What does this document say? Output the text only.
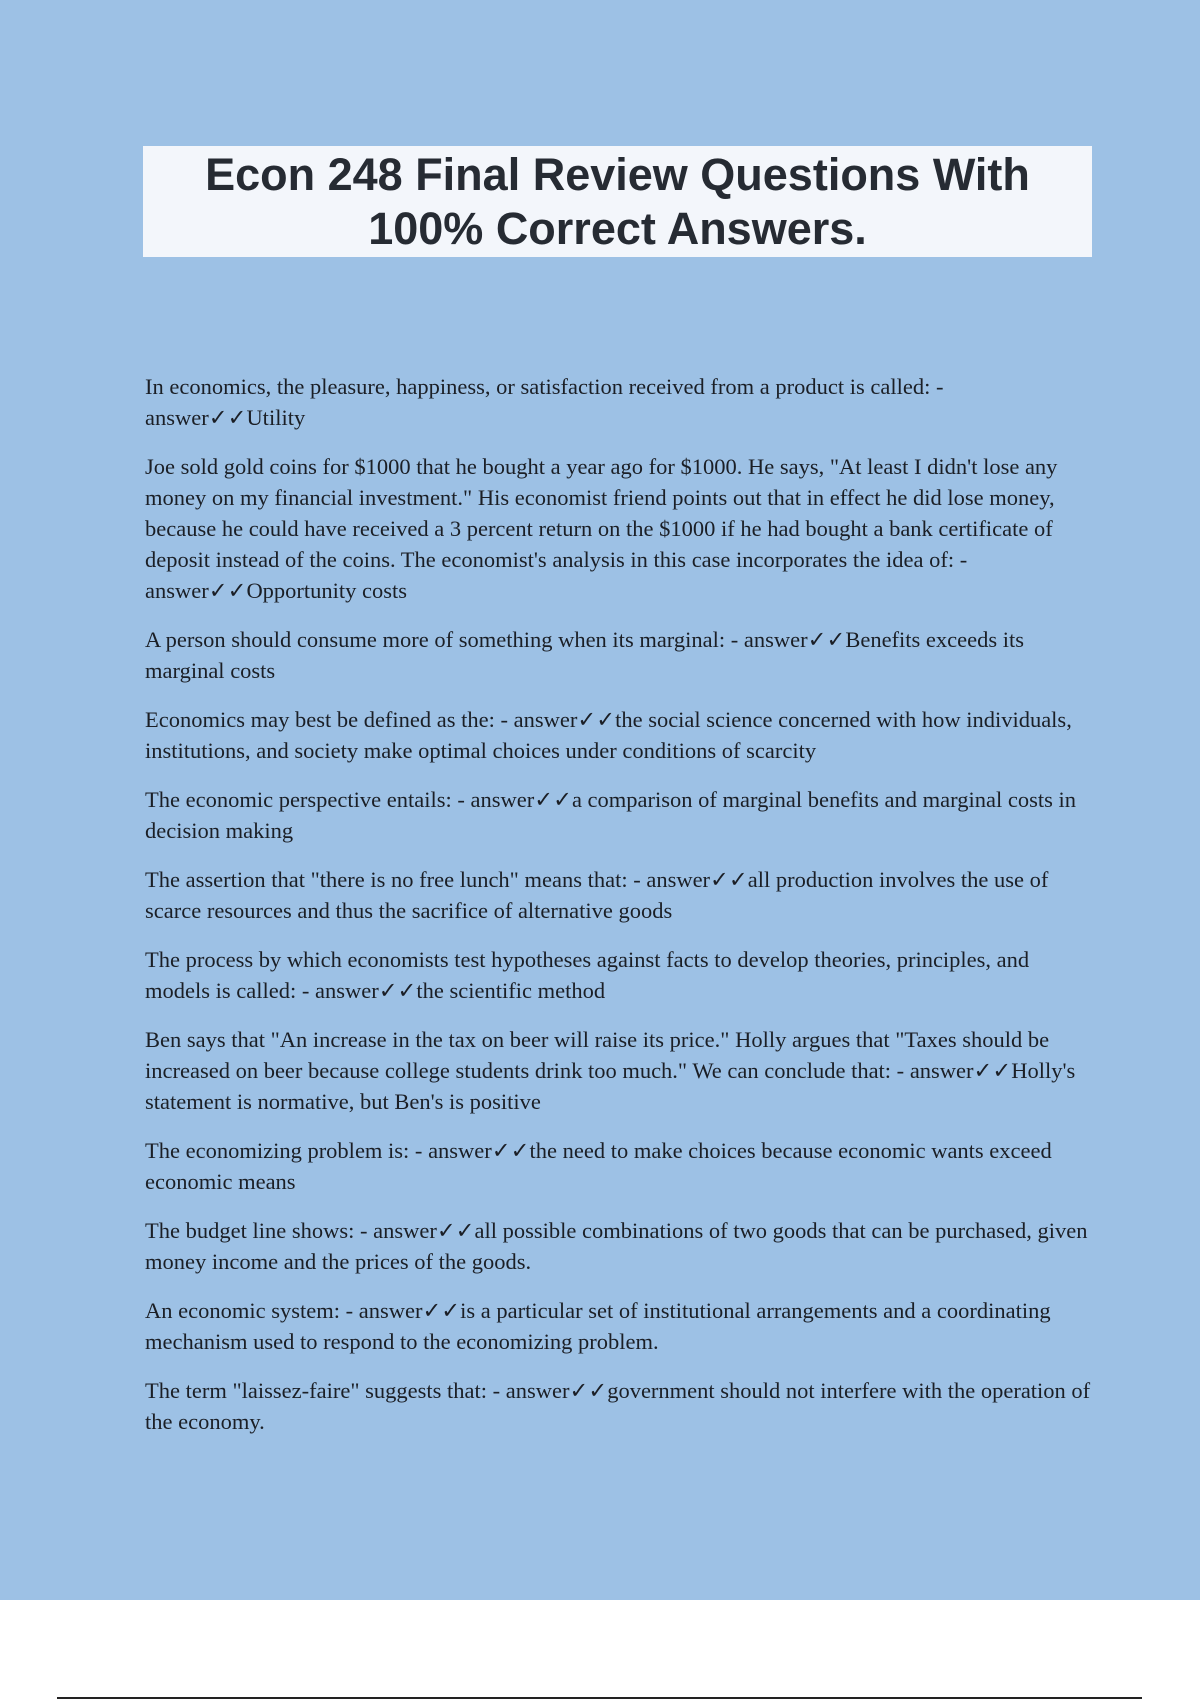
Econ 248 Final Review Questions With 100% Correct Answers.
In economics, the pleasure, happiness, or satisfaction received from a product is called: - answer✓✓Utility
Joe sold gold coins for $1000 that he bought a year ago for $1000. He says, "At least I didn't lose any money on my financial investment." His economist friend points out that in effect he did lose money, because he could have received a 3 percent return on the $1000 if he had bought a bank certificate of deposit instead of the coins. The economist's analysis in this case incorporates the idea of: - answer✓✓Opportunity costs
A person should consume more of something when its marginal: - answer✓✓Benefits exceeds its marginal costs
Economics may best be defined as the: - answer✓✓the social science concerned with how individuals, institutions, and society make optimal choices under conditions of scarcity
The economic perspective entails: - answer✓✓a comparison of marginal benefits and marginal costs in decision making
The assertion that "there is no free lunch" means that: - answer✓✓all production involves the use of scarce resources and thus the sacrifice of alternative goods
The process by which economists test hypotheses against facts to develop theories, principles, and models is called: - answer✓✓the scientific method
Ben says that "An increase in the tax on beer will raise its price." Holly argues that "Taxes should be increased on beer because college students drink too much." We can conclude that: - answer✓✓Holly's statement is normative, but Ben's is positive
The economizing problem is: - answer✓✓the need to make choices because economic wants exceed economic means
The budget line shows: - answer✓✓all possible combinations of two goods that can be purchased, given money income and the prices of the goods.
An economic system: - answer✓✓is a particular set of institutional arrangements and a coordinating mechanism used to respond to the economizing problem.
The term "laissez-faire" suggests that: - answer✓✓government should not interfere with the operation of the economy.
